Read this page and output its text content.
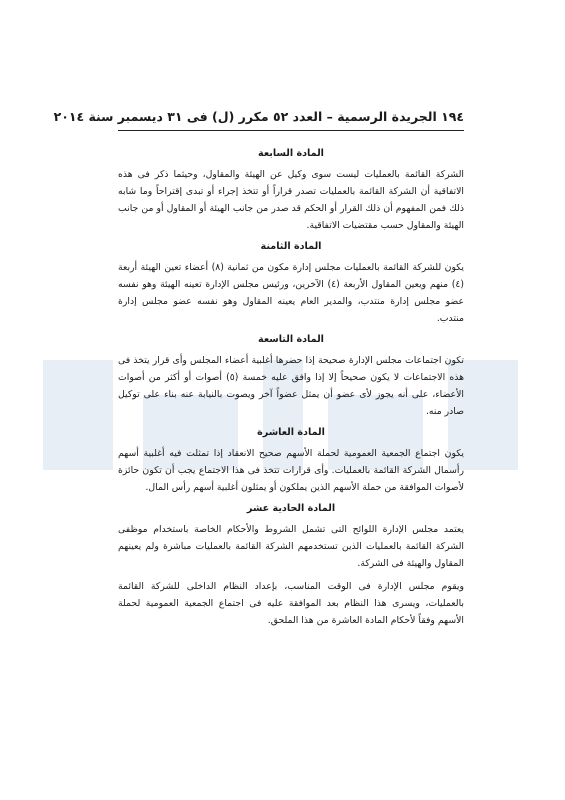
١٩٤ الجريدة الرسمية – العدد ٥٢ مكرر (ل) فى ٣١ ديسمبر سنة ٢٠١٤
المادة السابعة

الشركة القائمة بالعمليات ليست سوى وكيل عن الهيئة والمقاول، وحيثما ذكر فى هذه الاتفاقية أن الشركة القائمة بالعمليات تصدر قراراً أو تتخذ إجراء أو تبدى إقتراحاً وما شابه ذلك فمن المفهوم أن ذلك القرار أو الحكم قد صدر من جانب الهيئة أو المقاول أو من جانب الهيئة والمقاول حسب مقتضيات الاتفاقية.

المادة الثامنة

يكون للشركة القائمة بالعمليات مجلس إدارة مكون من ثمانية (٨) أعضاء تعين الهيئة أربعة (٤) منهم ويعين المقاول الأربعة (٤) الآخرين، ورئيس مجلس الإدارة تعينه الهيئة وهو نفسه عضو مجلس إدارة منتدب، والمدير العام يعينه المقاول وهو نفسه عضو مجلس إدارة منتدب.

المادة التاسعة

تكون اجتماعات مجلس الإدارة صحيحة إذا حضرها أغلبية أعضاء المجلس وأى قرار يتخذ فى هذه الاجتماعات لا يكون صحيحاً إلا إذا وافق عليه خمسة (٥) أصوات أو أكثر من أصوات الأعضاء، على أنه يجوز لأى عضو أن يمثل عضواً آخر ويصوت بالنيابة عنه بناء على توكيل صادر منه.

المادة العاشرة

يكون اجتماع الجمعية العمومية لحملة الأسهم صحيح الانعقاد إذا تمثلت فيه أغلبية أسهم رأسمال الشركة القائمة بالعمليات. وأى قرارات تتخذ فى هذا الاجتماع يجب أن تكون حائزة لأصوات الموافقة من حملة الأسهم الذين يملكون أو يمثلون أغلبية أسهم رأس المال.

المادة الحادية عشر

يعتمد مجلس الإدارة اللوائح التى تشمل الشروط والأحكام الخاصة باستخدام موظفى الشركة القائمة بالعمليات الذين تستخدمهم الشركة القائمة بالعمليات مباشرة ولم يعينهم المقاول والهيئة فى الشركة.

ويقوم مجلس الإدارة فى الوقت المناسب، بإعداد النظام الداخلى للشركة القائمة بالعمليات، ويسرى هذا النظام بعد الموافقة عليه فى اجتماع الجمعية العمومية لحملة الأسهم وفقاً لأحكام المادة العاشرة من هذا الملحق.
